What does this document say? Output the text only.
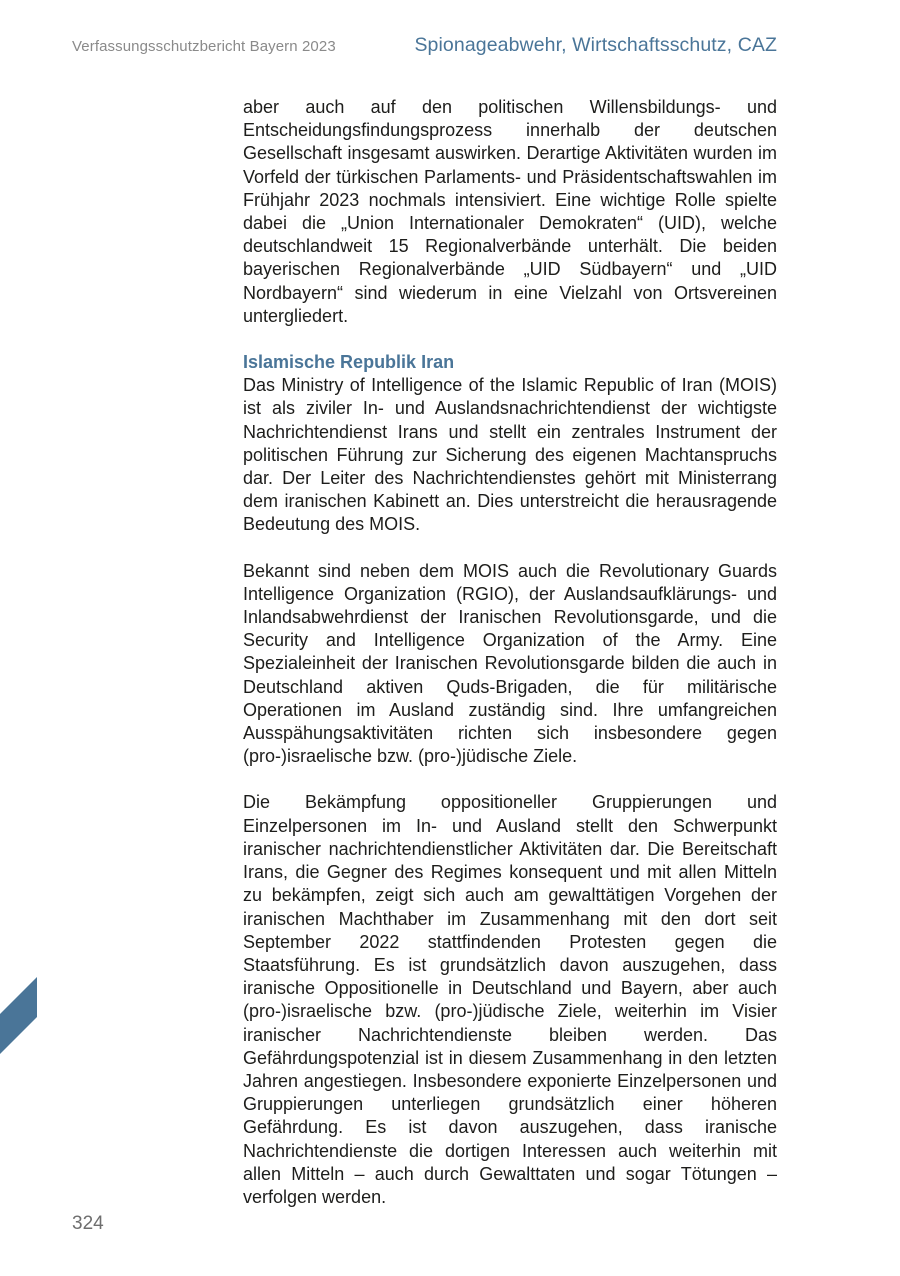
Verfassungsschutzbericht Bayern 2023	Spionageabwehr, Wirtschaftsschutz, CAZ

aber auch auf den politischen Willensbildungs- und Entscheidungsfindungsprozess innerhalb der deutschen Gesellschaft insgesamt auswirken. Derartige Aktivitäten wurden im Vorfeld der türkischen Parlaments- und Präsidentschaftswahlen im Frühjahr 2023 nochmals intensiviert. Eine wichtige Rolle spielte dabei die „Union Internationaler Demokraten“ (UID), welche deutschlandweit 15 Regionalverbände unterhält. Die beiden bayerischen Regionalverbände „UID Südbayern“ und „UID Nordbayern“ sind wiederum in eine Vielzahl von Ortsvereinen untergliedert.

Islamische Republik Iran

Das Ministry of Intelligence of the Islamic Republic of Iran (MOIS) ist als ziviler In- und Auslandsnachrichtendienst der wichtigste Nachrichtendienst Irans und stellt ein zentrales Instrument der politischen Führung zur Sicherung des eigenen Machtanspruchs dar. Der Leiter des Nachrichtendienstes gehört mit Ministerrang dem iranischen Kabinett an. Dies unterstreicht die herausragende Bedeutung des MOIS.

Bekannt sind neben dem MOIS auch die Revolutionary Guards Intelligence Organization (RGIO), der Auslandsaufklärungs- und Inlandsabwehrdienst der Iranischen Revolutionsgarde, und die Security and Intelligence Organization of the Army. Eine Spezialeinheit der Iranischen Revolutionsgarde bilden die auch in Deutschland aktiven Quds-Brigaden, die für militärische Operationen im Ausland zuständig sind. Ihre umfangreichen Ausspähungsaktivitäten richten sich insbesondere gegen (pro-)israelische bzw. (pro-)jüdische Ziele.

Die Bekämpfung oppositioneller Gruppierungen und Einzelpersonen im In- und Ausland stellt den Schwerpunkt iranischer nachrichtendienstlicher Aktivitäten dar. Die Bereitschaft Irans, die Gegner des Regimes konsequent und mit allen Mitteln zu bekämpfen, zeigt sich auch am gewalttätigen Vorgehen der iranischen Machthaber im Zusammenhang mit den dort seit September 2022 stattfindenden Protesten gegen die Staatsführung. Es ist grundsätzlich davon auszugehen, dass iranische Oppositionelle in Deutschland und Bayern, aber auch (pro-)israelische bzw. (pro-)jüdische Ziele, weiterhin im Visier iranischer Nachrichtendienste bleiben werden. Das Gefährdungspotenzial ist in diesem Zusammenhang in den letzten Jahren angestiegen. Insbesondere exponierte Einzelpersonen und Gruppierungen unterliegen grundsätzlich einer höheren Gefährdung. Es ist davon auszugehen, dass iranische Nachrichtendienste die dortigen Interessen auch weiterhin mit allen Mitteln – auch durch Gewalttaten und sogar Tötungen – verfolgen werden.

324
